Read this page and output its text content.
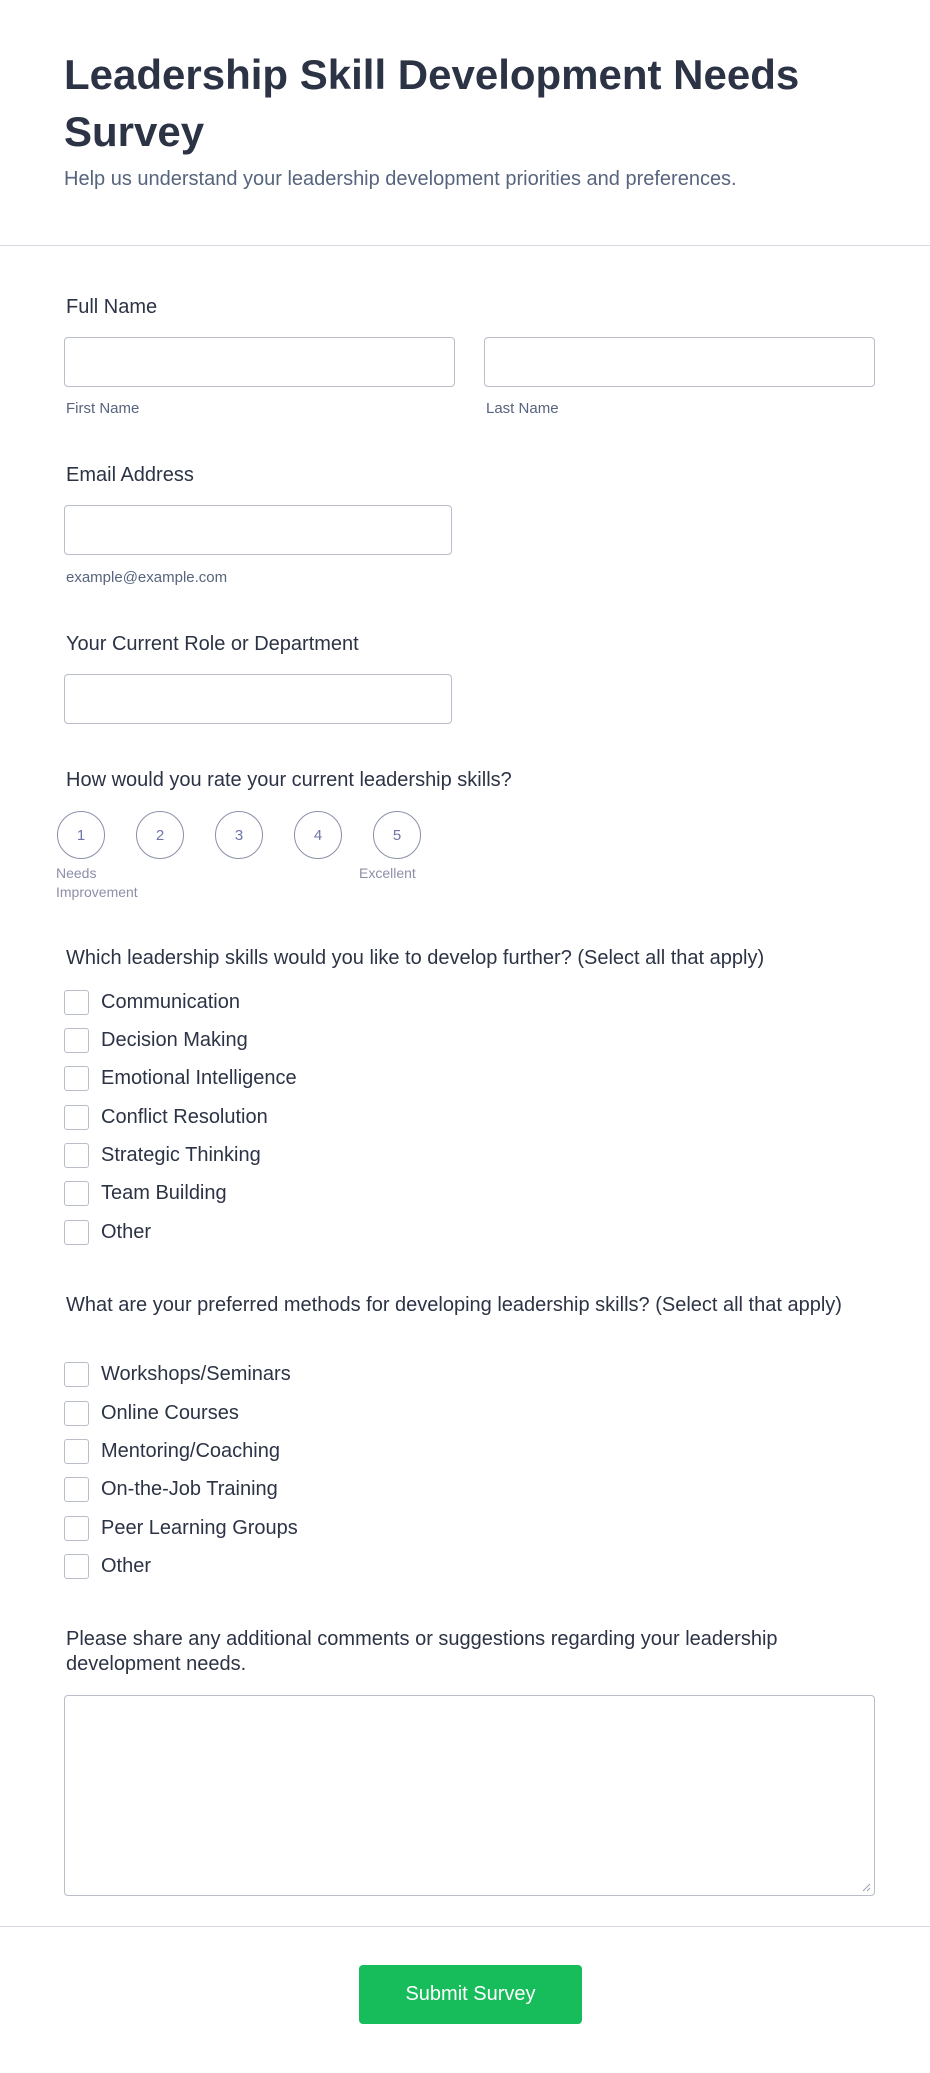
Leadership Skill Development Needs Survey
Help us understand your leadership development priorities and preferences.
Full Name
First Name	Last Name
Email Address
example@example.com
Your Current Role or Department
How would you rate your current leadership skills?
1	2	3	4	5
Needs Improvement
Excellent
Which leadership skills would you like to develop further? (Select all that apply)
Communication
Decision Making
Emotional Intelligence
Conflict Resolution
Strategic Thinking
Team Building
Other
What are your preferred methods for developing leadership skills? (Select all that apply)
Workshops/Seminars
Online Courses
Mentoring/Coaching
On-the-Job Training
Peer Learning Groups
Other
Please share any additional comments or suggestions regarding your leadership development needs.
Submit Survey
